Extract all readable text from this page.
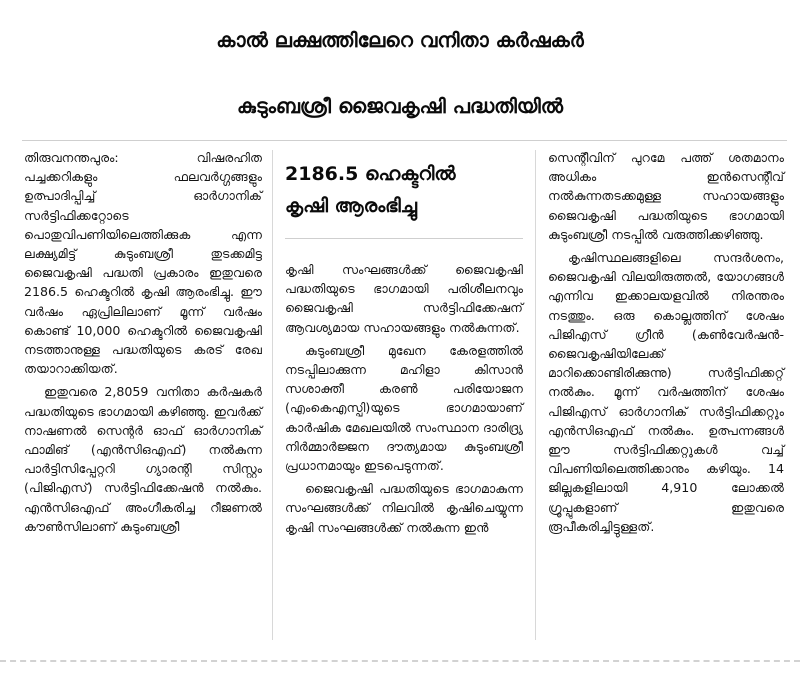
കാൽ ലക്ഷത്തിലേറെ വനിതാ കർഷകർ
കുടുംബശ്രീ ജൈവകൃഷി പദ്ധതിയിൽ

തിരുവനന്തപുരം: വിഷരഹിത പച്ചക്കറികളും ഫലവർഗ്ഗങ്ങളും ഉത്പാദിപ്പിച്ച് ഓർഗാനിക് സർട്ടിഫിക്കറ്റോടെ പൊതുവിപണിയിലെത്തിക്കുക എന്ന ലക്ഷ്യമിട്ട് കുടുംബശ്രീ തുടക്കമിട്ട ജൈവകൃഷി പദ്ധതി പ്രകാരം ഇതുവരെ 2186.5 ഹെക്ടറിൽ കൃഷി ആരംഭിച്ചു. ഈ വർഷം ഏപ്രിലിലാണ് മൂന്ന് വർഷം കൊണ്ട് 10,000 ഹെക്ടറിൽ ജൈവകൃഷി നടത്താനുള്ള പദ്ധതിയുടെ കരട് രേഖ തയാറാക്കിയത്.

ഇതുവരെ 2,8059 വനിതാ കർഷകർ പദ്ധതിയുടെ ഭാഗമായി കഴിഞ്ഞു. ഇവർക്ക് നാഷണൽ സെന്റർ ഓഫ് ഓർഗാനിക് ഫാമിങ് (എൻസിഒഎഫ്) നൽകുന്ന പാർട്ടിസിപ്പേറ്ററി ഗ്യാരന്റി സിസ്റ്റം (പിജിഎസ്) സർട്ടിഫിക്കേഷൻ നൽകും. എൻസിഒഎഫ് അംഗീകരിച്ച റീജണൽ കൗൺസിലാണ് കുടുംബശ്രീ

2186.5 ഹെക്ടറിൽ
കൃഷി ആരംഭിച്ചു

കൃഷി സംഘങ്ങൾക്ക് ജൈവകൃഷി പദ്ധതിയുടെ ഭാഗമായി പരിശീലനവും ജൈവകൃഷി സർട്ടിഫിക്കേഷന് ആവശ്യമായ സഹായങ്ങളും നൽകുന്നത്.

കുടുംബശ്രീ മുഖേന കേരളത്തിൽ നടപ്പിലാക്കുന്ന മഹിളാ കിസാൻ സശാക്തീ കരൺ പരിയോജന (എംകെഎസ്പി)യുടെ ഭാഗമായാണ് കാർഷിക മേഖലയിൽ സംസ്ഥാന ദാരിദ്ര്യ നിർമ്മാർജ്ജന ദൗത്യമായ കുടുംബശ്രീ പ്രധാനമായും ഇടപെടുന്നത്.

ജൈവകൃഷി പദ്ധതിയുടെ ഭാഗമാകുന്ന സംഘങ്ങൾക്ക് നിലവിൽ കൃഷിചെയ്യുന്ന കൃഷി സംഘങ്ങൾക്ക് നൽകുന്ന ഇൻ

സെന്റീവിന് പുറമേ പത്ത് ശതമാനം അധികം ഇൻസെന്റീവ് നൽകുന്നതടക്കമുള്ള സഹായങ്ങളും ജൈവകൃഷി പദ്ധതിയുടെ ഭാഗമായി കുടുംബശ്രീ നടപ്പിൽ വരുത്തിക്കഴിഞ്ഞു.

കൃഷിസ്ഥലങ്ങളിലെ സന്ദർശനം, ജൈവകൃഷി വിലയിരുത്തൽ, യോഗങ്ങൾ എന്നിവ ഇക്കാലയളവിൽ നിരന്തരം നടത്തും. ഒരു കൊല്ലത്തിന് ശേഷം പിജിഎസ് ഗ്രീൻ (കൺവേർഷൻ- ജൈവകൃഷിയിലേക്ക് മാറിക്കൊണ്ടിരിക്കുന്നു) സർട്ടിഫിക്കറ്റ് നൽകും. മൂന്ന് വർഷത്തിന് ശേഷം പിജിഎസ് ഓർഗാനിക് സർട്ടിഫിക്കറ്റും എൻസിഒഎഫ് നൽകും. ഉത്പന്നങ്ങൾ ഈ സർട്ടിഫിക്കറ്റുകൾ വച്ച് വിപണിയിലെത്തിക്കാനും കഴിയും. 14 ജില്ലകളിലായി 4,910 ലോക്കൽ ഗ്രൂപ്പുകളാണ് ഇതുവരെ രൂപീകരിച്ചിട്ടുള്ളത്.
